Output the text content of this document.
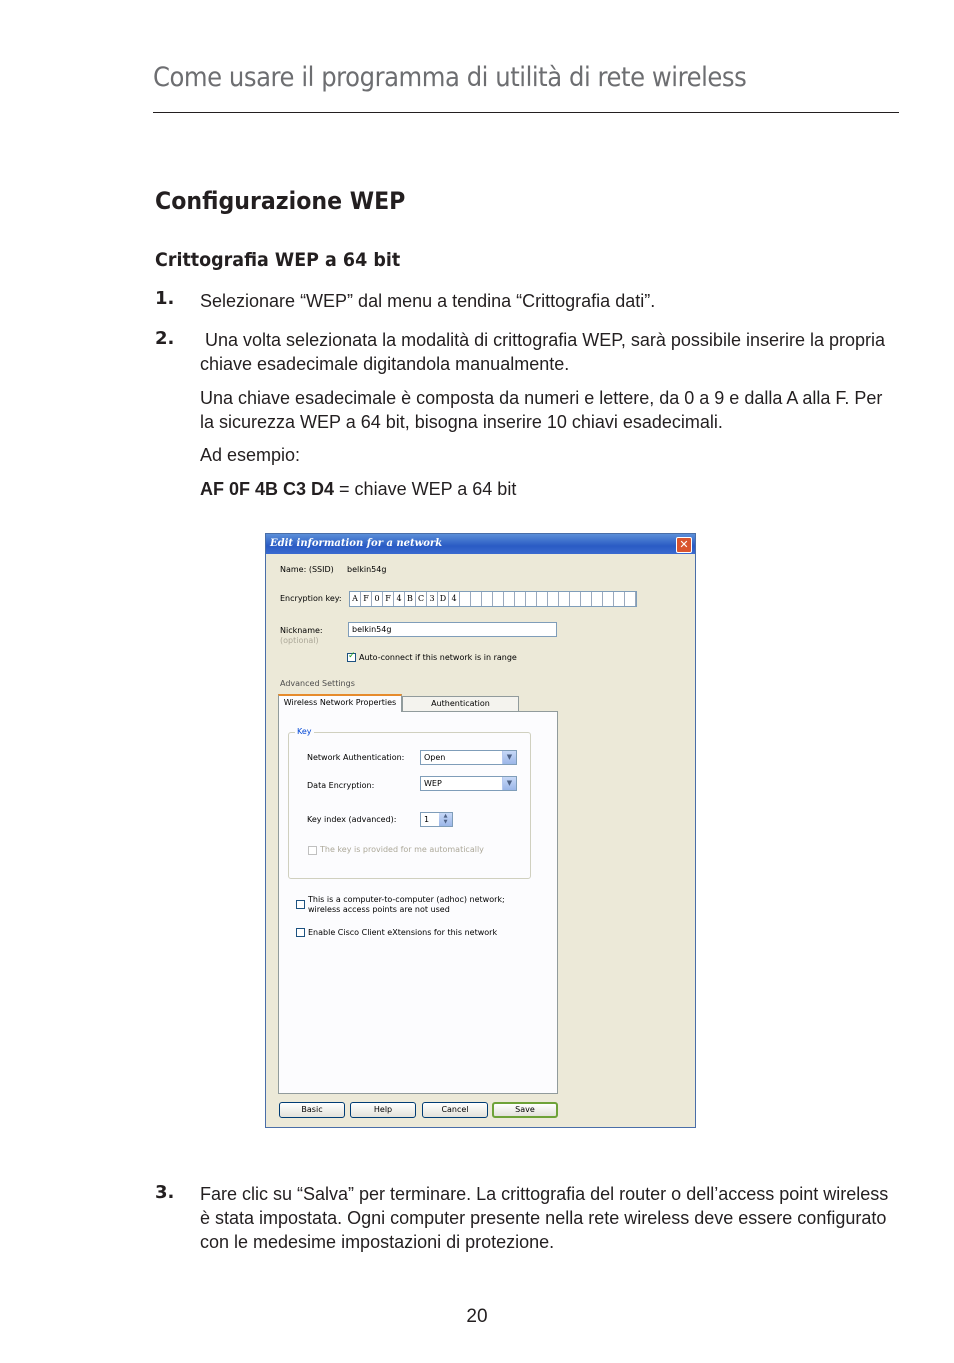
Come usare il programma di utilità di rete wireless
Configurazione WEP
Crittografia WEP a 64 bit
1. Selezionare “WEP” dal menu a tendina “Crittografia dati”.
2. Una volta selezionata la modalità di crittografia WEP, sarà possibile inserire la propria chiave esadecimale digitandola manualmente.
Una chiave esadecimale è composta da numeri e lettere, da 0 a 9 e dalla A alla F. Per la sicurezza WEP a 64 bit, bisogna inserire 10 chiavi esadecimali.
Ad esempio:
AF 0F 4B C3 D4 = chiave WEP a 64 bit
Edit information for a network	✕
Name: (SSID) belkin54g
Encryption key: A F 0 F 4 B C 3 D 4
Nickname:
(optional)
belkin54g
✓
Auto-connect if this network is in range
Advanced Settings
Wireless Network Properties	Authentication
Key
Network Authentication:	Open	▼
Data Encryption:	WEP	▼
Key index (advanced):	1	▲
▼
The key is provided for me automatically
This is a computer-to-computer (adhoc) network;
wireless access points are not used
Enable Cisco Client eXtensions for this network
Basic	Help	Cancel	Save
3. Fare clic su “Salva” per terminare. La crittografia del router o dell’access point wireless è stata impostata. Ogni computer presente nella rete wireless deve essere configurato con le medesime impostazioni di protezione.
20
